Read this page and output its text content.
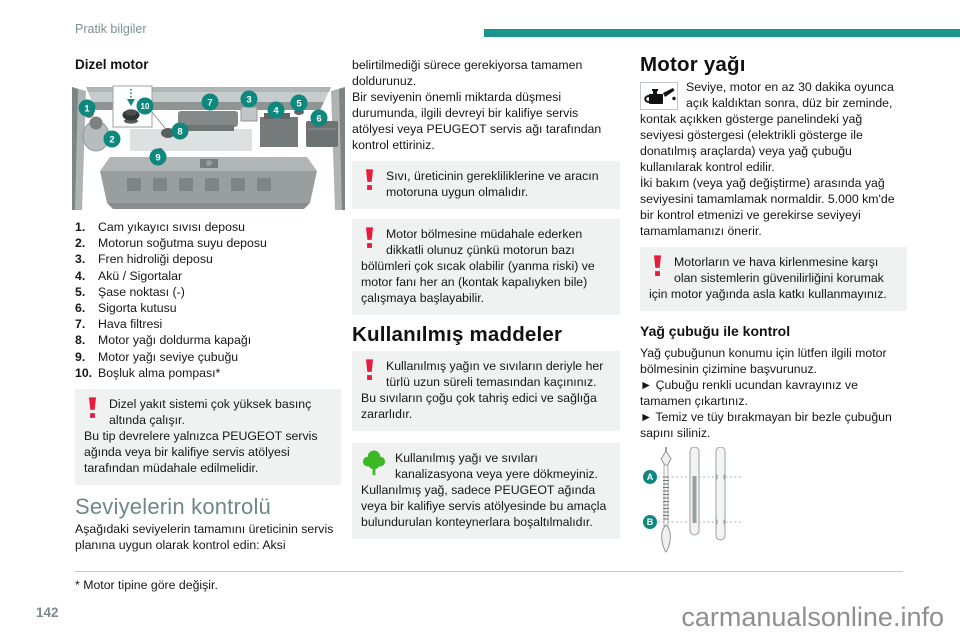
Pratik bilgiler
Dizel motor
1
2
3
4
5
6
7
8
9
10
1. Cam yıkayıcı sıvısı deposu
2. Motorun soğutma suyu deposu
3. Fren hidroliği deposu
4. Akü / Sigortalar
5. Şase noktası (-)
6. Sigorta kutusu
7. Hava filtresi
8. Motor yağı doldurma kapağı
9. Motor yağı seviye çubuğu
10. Boşluk alma pompası*
Dizel yakıt sistemi çok yüksek basınç altında çalışır.
Bu tip devrelere yalnızca PEUGEOT servis ağında veya bir kalifiye servis atölyesi tarafından müdahale edilmelidir.
Seviyelerin kontrolü

Aşağıdaki seviyelerin tamamını üreticinin servis planına uygun olarak kontrol edin: Aksi

belirtilmediği sürece gerekiyorsa tamamen doldurunuz.

Bir seviyenin önemli miktarda düşmesi durumunda, ilgili devreyi bir kalifiye servis atölyesi veya PEUGEOT servis ağı tarafından kontrol ettiriniz.

Sıvı, üreticinin gerekliliklerine ve aracın motoruna uygun olmalıdır.
Motor bölmesine müdahale ederken dikkatli olunuz çünkü motorun bazı bölümleri çok sıcak olabilir (yanma riski) ve motor fanı her an (kontak kapalıyken bile) çalışmaya başlayabilir.
Kullanılmış maddeler
Kullanılmış yağın ve sıvıların deriyle her türlü uzun süreli temasından kaçınınız.
Bu sıvıların çoğu çok tahriş edici ve sağlığa zararlıdır.
Kullanılmış yağı ve sıvıları kanalizasyona veya yere dökmeyiniz.
Kullanılmış yağ, sadece PEUGEOT ağında veya bir kalifiye servis atölyesinde bu amaçla bulundurulan konteynerlara boşaltılmalıdır.
Motor yağı

Seviye, motor en az 30 dakika oyunca açık kaldıktan sonra, düz bir zeminde, kontak açıkken gösterge panelindeki yağ seviyesi göstergesi (elektrikli gösterge ile donatılmış araçlarda) veya yağ çubuğu kullanılarak kontrol edilir.

İki bakım (veya yağ değiştirme) arasında yağ seviyesini tamamlamak normaldir. 5.000 km'de bir kontrol etmenizi ve gerekirse seviyeyi tamamlamanızı önerir.

Motorların ve hava kirlenmesine karşı olan sistemlerin güvenilirliğini korumak için motor yağında asla katkı kullanmayınız.
Yağ çubuğu ile kontrol

Yağ çubuğunun konumu için lütfen ilgili motor bölmesinin çizimine başvurunuz.

► Çubuğu renkli ucundan kavrayınız ve tamamen çıkartınız.

► Temiz ve tüy bırakmayan bir bezle çubuğun sapını siliniz.

A
B
* Motor tipine göre değişir.
142	carmanualsonline.info
